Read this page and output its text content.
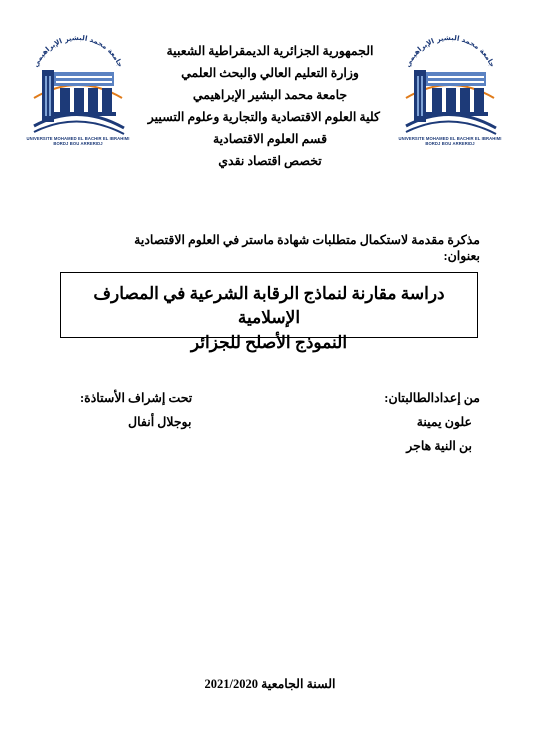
جامعة محمد البشير الإبراهيمي
UNIVERSITE MOHAMED EL BACHIR EL IBRAHIMI
BORDJ BOU ARRERIDJ
جامعة محمد البشير الإبراهيمي
UNIVERSITE MOHAMED EL BACHIR EL IBRAHIMI
BORDJ BOU ARRERIDJ
الجمهورية الجزائرية الديمقراطية الشعبية
وزارة التعليم العالي والبحث العلمي
جامعة محمد البشير الإبراهيمي
كلية العلوم الاقتصادية والتجارية وعلوم التسيير
قسم العلوم الاقتصادية
تخصص اقتصاد نقدي
مذكرة مقدمة لاستكمال متطلبات شهادة ماستر في العلوم الاقتصادية
بعنوان:
دراسة مقارنة لنماذج الرقابة الشرعية في المصارف الإسلامية
النموذج الأصلح للجزائر
من إعدادالطالبتان:
تحت إشراف الأستاذة:
علون يمينة
بوجلال أنفال
بن النية هاجر
السنة الجامعية 2021/2020
